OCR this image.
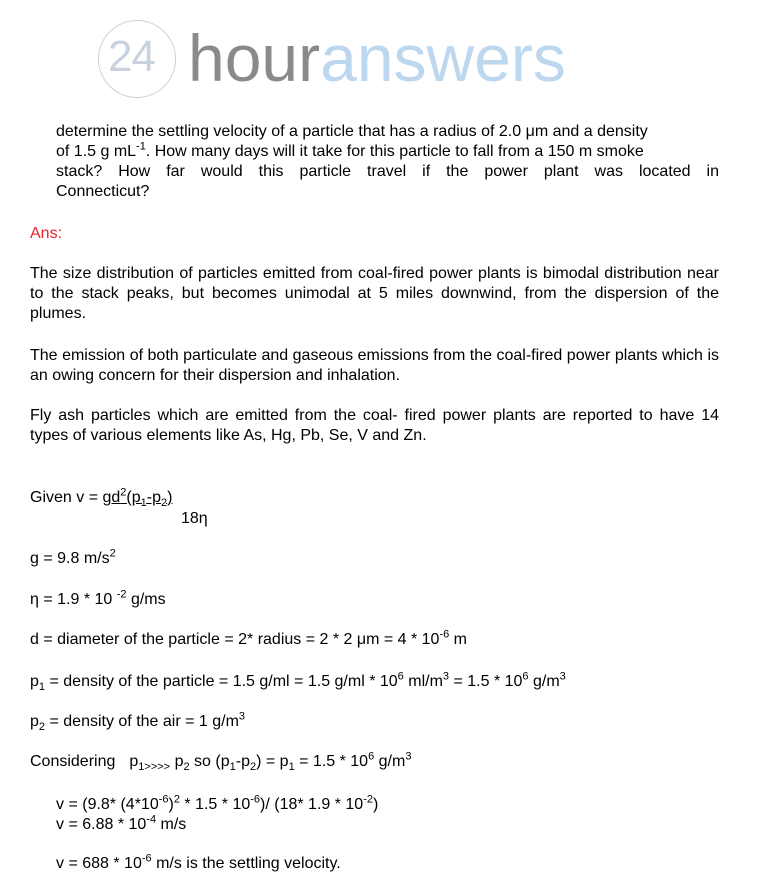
24 houranswers
determine the settling velocity of a particle that has a radius of 2.0 μm and a density
of 1.5 g $mL^{-1}$. How many days will it take for this particle to fall from a 150 m smoke
stack? How far would this particle travel if the power plant was located in
Connecticut?

Ans:

The size distribution of particles emitted from coal-fired power plants is bimodal distribution near to the stack peaks, but becomes unimodal at 5 miles downwind, from the dispersion of the plumes.

The emission of both particulate and gaseous emissions from the coal-fired power plants which is an owing concern for their dispersion and inhalation.

Fly ash particles which are emitted from the coal- fired power plants are reported to have 14 types of various elements like As, Hg, Pb, Se, V and Zn.

Given $v = gd^2(p_1-p_2)$
18η
g = 9.8 $m/s^2$
η = 1.9 * 10 $^{-2}$ g/ms
d = diameter of the particle = 2* radius = 2 * 2 $\mu m = 4 * 10^{-6}$ m
$p_1$ = density of the particle = 1.5 g/ml = 1.5 $g/ml * 10^6$ $ml/m^3 = 1.5 * 10^6$ $g/m^3$
$p_2$ = density of the air = 1 $g/m^3$
Considering $p_{1>>>>}$ $p_2$ so $(p_1-p_2) = p_1 = 1.5 * 10^6$ $g/m^3$
v = (9.8* $(4*10^{-6})^2 * 1.5 * 10^{-6})/$ (18* $1.9 * 10^{-2}$)
$v = 6.88 * 10^{-4}$ m/s
$v = 688 * 10^{-6}$ m/s is the settling velocity.
